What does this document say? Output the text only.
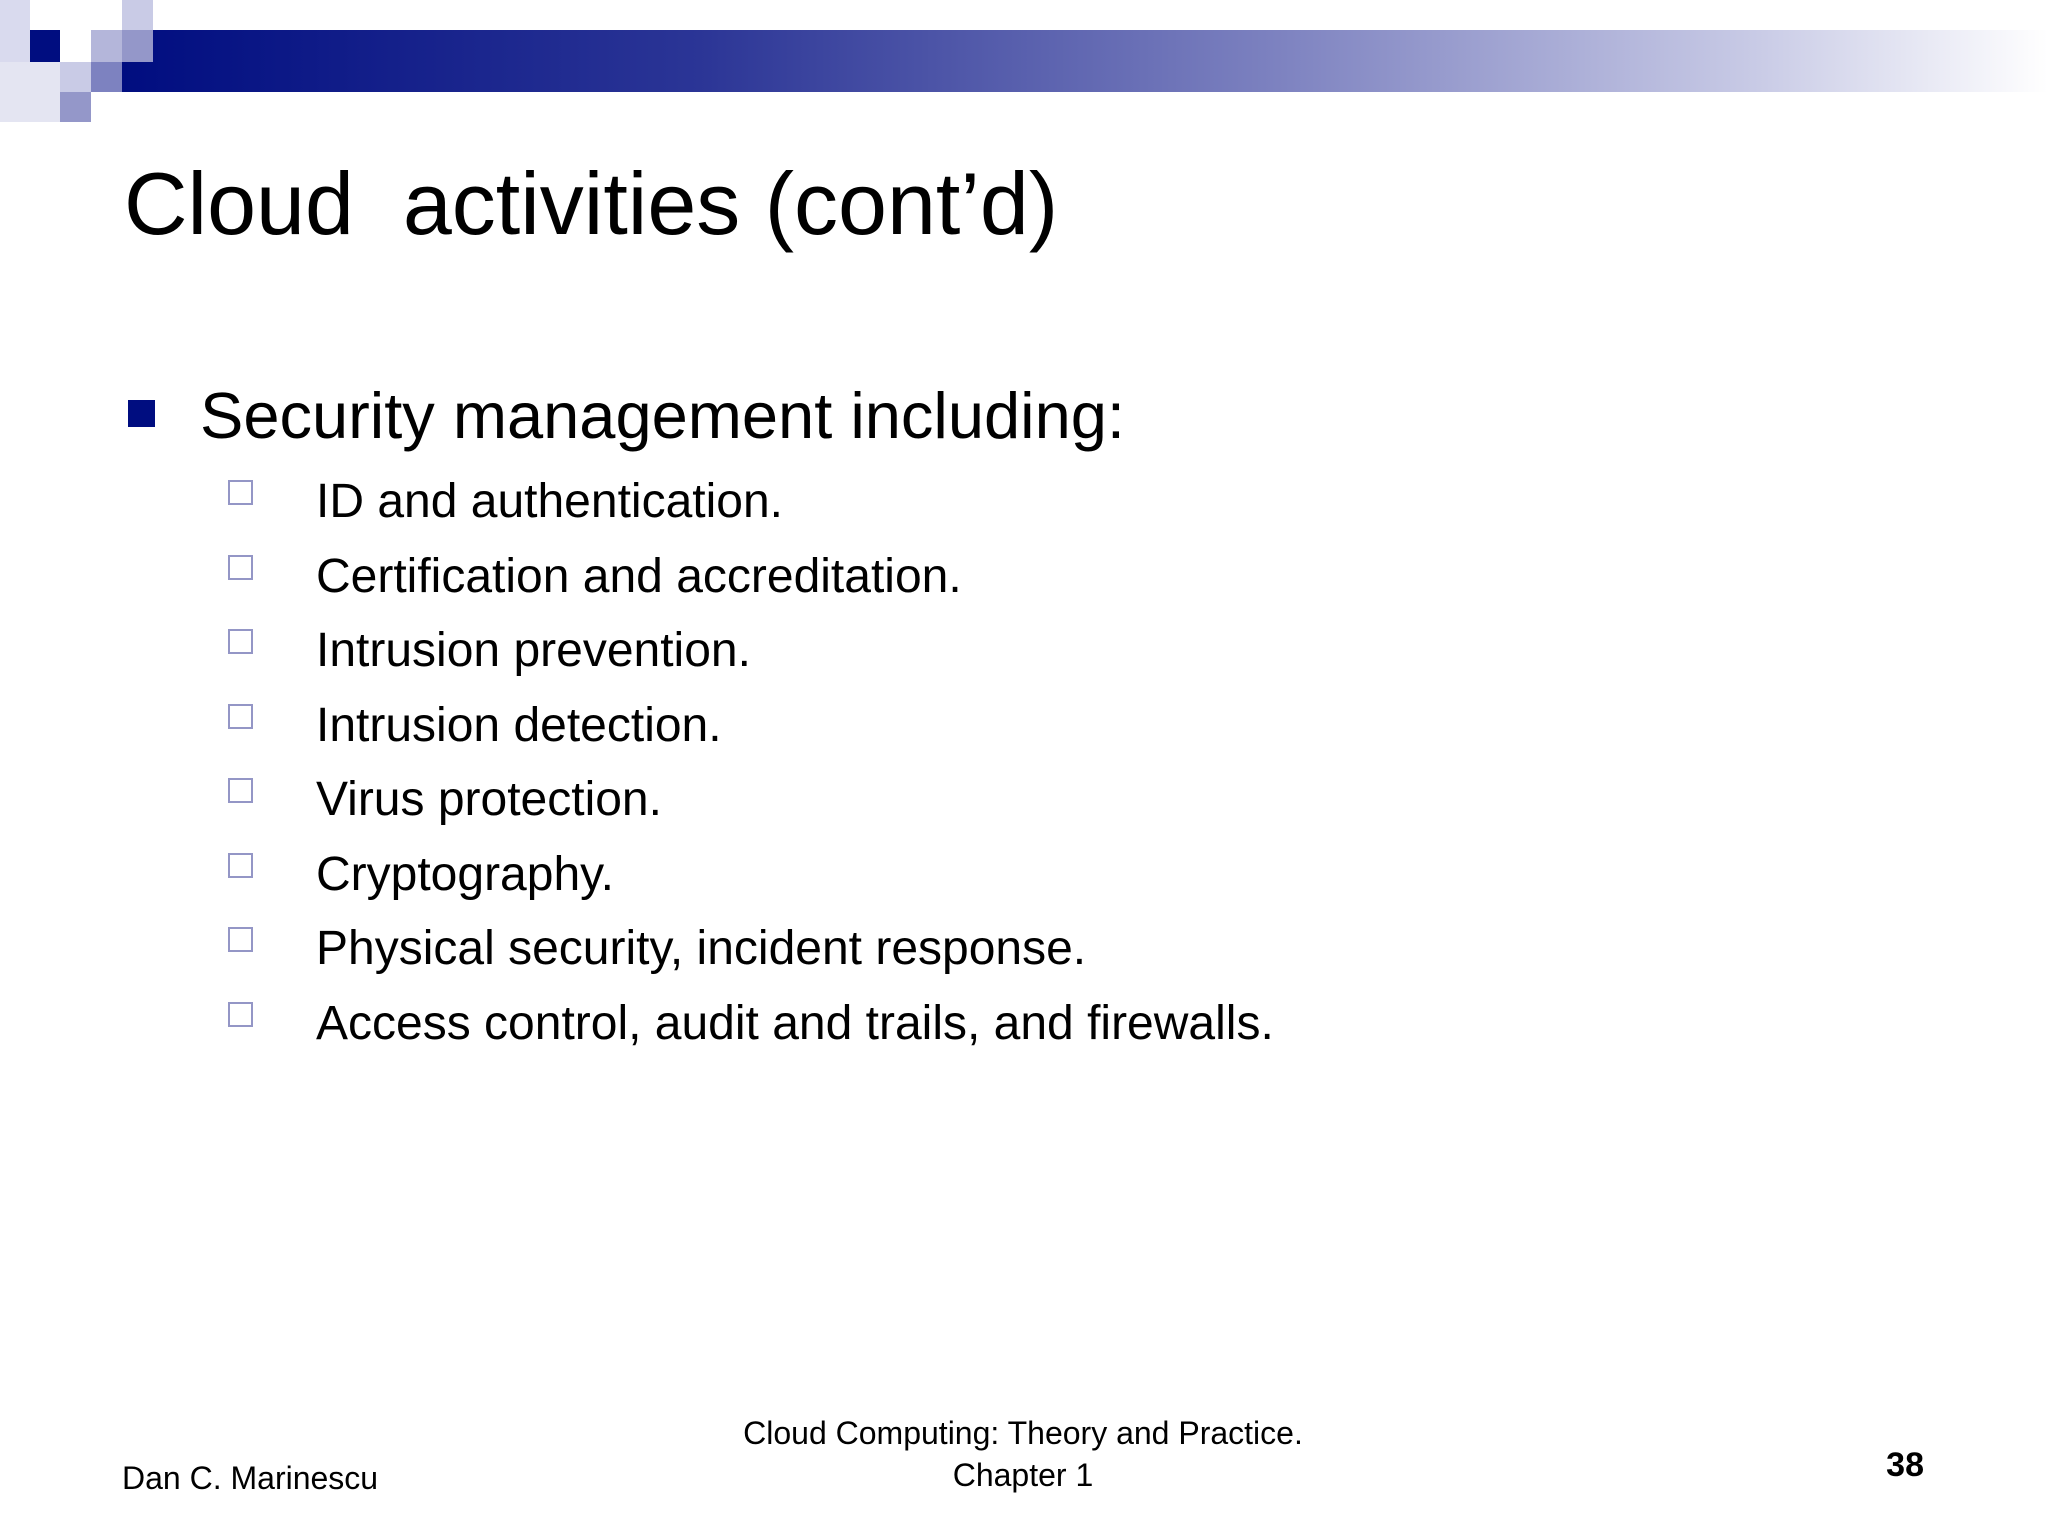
Cloud  activities (cont’d)
Security management including:
ID and authentication.
Certification and accreditation.
Intrusion prevention.
Intrusion detection.
Virus protection.
Cryptography.
Physical security, incident response.
Access control, audit and trails, and firewalls.
Dan C. Marinescu
Cloud Computing: Theory and Practice.
Chapter 1	38
